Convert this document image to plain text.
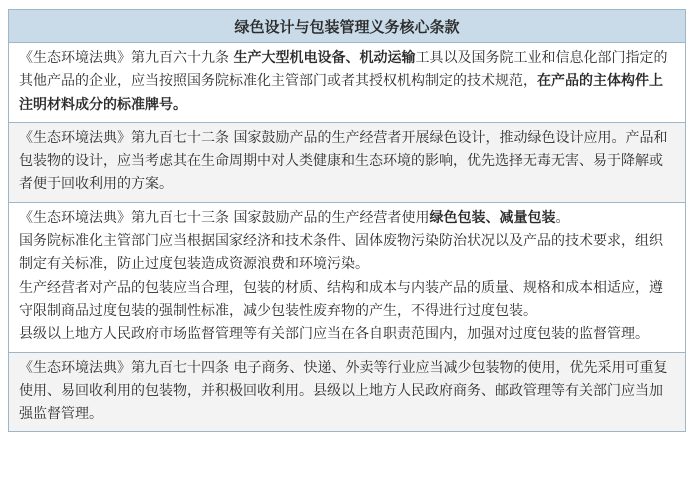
绿色设计与包装管理义务核心条款

《生态环境法典》第九百六十九条 生产大型机电设备、机动运输工具以及国务院工业和信息化部门指定的其他产品的企业，应当按照国务院标准化主管部门或者其授权机构制定的技术规范，在产品的主体构件上注明材料成分的标准牌号。

《生态环境法典》第九百七十二条 国家鼓励产品的生产经营者开展绿色设计，推动绿色设计应用。产品和包装物的设计，应当考虑其在生命周期中对人类健康和生态环境的影响，优先选择无毒无害、易于降解或者便于回收利用的方案。

《生态环境法典》第九百七十三条 国家鼓励产品的生产经营者使用绿色包装、减量包装。

国务院标准化主管部门应当根据国家经济和技术条件、固体废物污染防治状况以及产品的技术要求，组织制定有关标准，防止过度包装造成资源浪费和环境污染。

生产经营者对产品的包装应当合理，包装的材质、结构和成本与内装产品的质量、规格和成本相适应，遵守限制商品过度包装的强制性标准，减少包装性废弃物的产生，不得进行过度包装。

县级以上地方人民政府市场监督管理等有关部门应当在各自职责范围内，加强对过度包装的监督管理。

《生态环境法典》第九百七十四条 电子商务、快递、外卖等行业应当减少包装物的使用，优先采用可重复使用、易回收利用的包装物，并积极回收利用。县级以上地方人民政府商务、邮政管理等有关部门应当加强监督管理。
